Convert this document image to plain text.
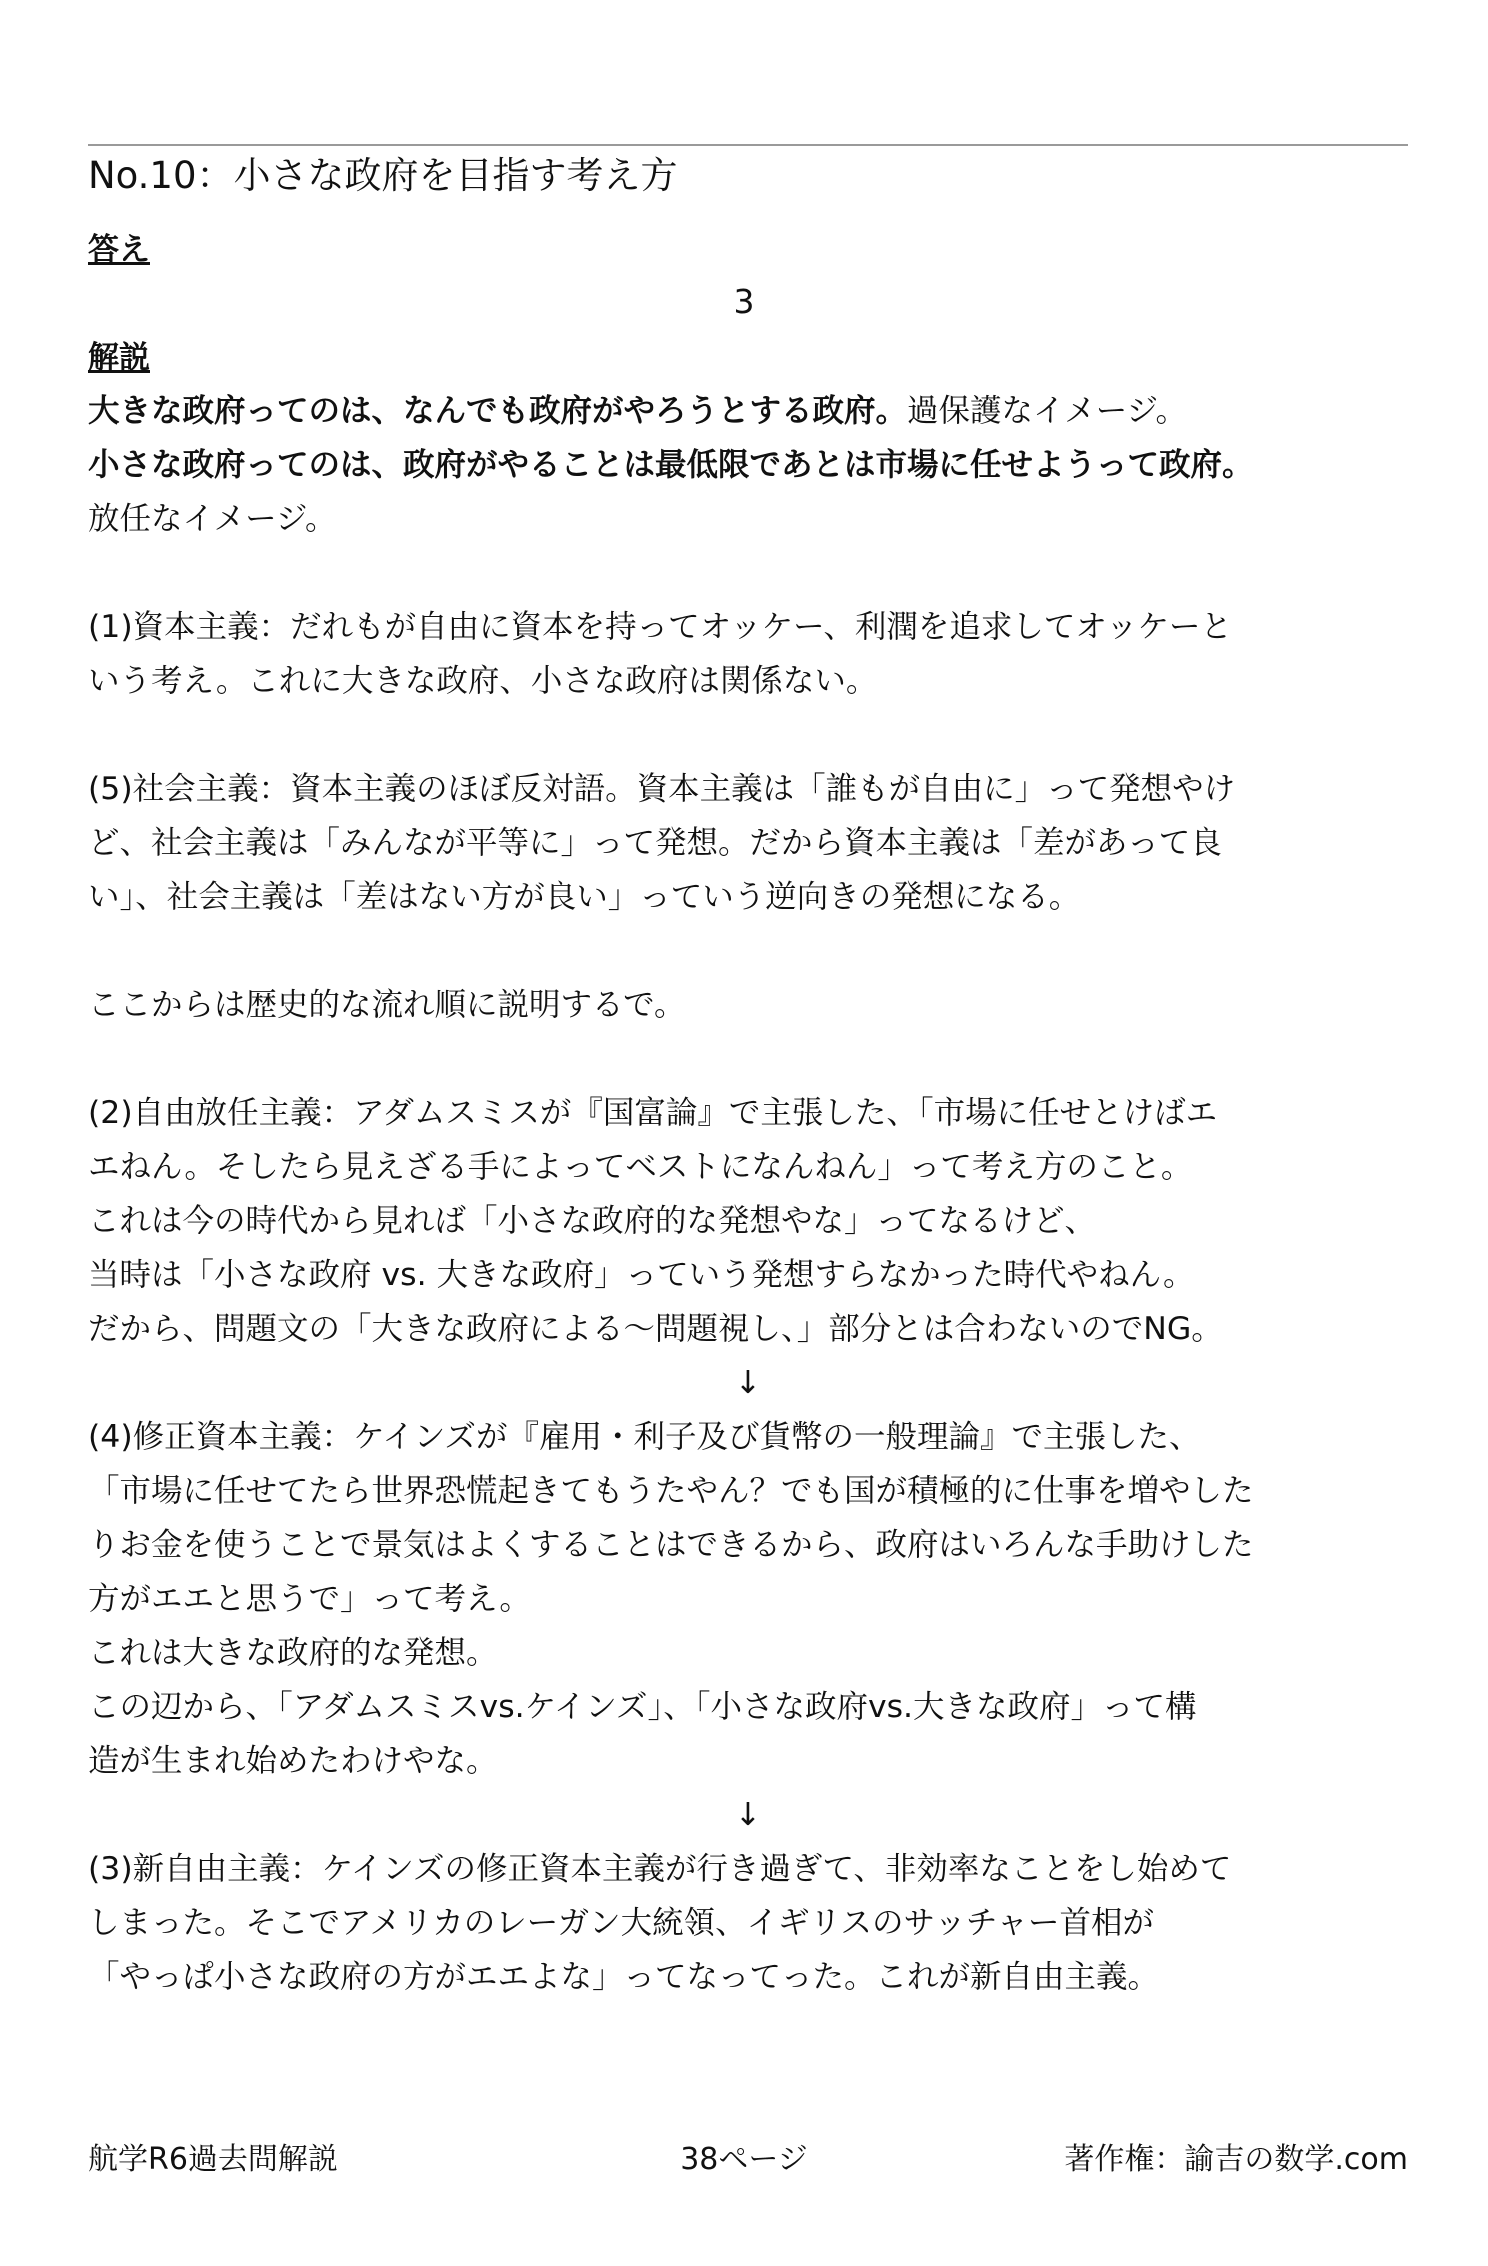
No.10：小さな政府を目指す考え方
答え
3
解説
大きな政府ってのは、なんでも政府がやろうとする政府。過保護なイメージ。
小さな政府ってのは、政府がやることは最低限であとは市場に任せようって政府。
放任なイメージ。
(1)資本主義：だれもが自由に資本を持ってオッケー、利潤を追求してオッケーと
いう考え。これに大きな政府、小さな政府は関係ない。
(5)社会主義：資本主義のほぼ反対語。資本主義は「誰もが自由に」って発想やけ
ど、社会主義は「みんなが平等に」って発想。だから資本主義は「差があって良
い」、社会主義は「差はない方が良い」っていう逆向きの発想になる。
ここからは歴史的な流れ順に説明するで。
(2)自由放任主義：アダムスミスが『国富論』で主張した、「市場に任せとけばエ
エねん。そしたら見えざる手によってベストになんねん」って考え方のこと。
これは今の時代から見れば「小さな政府的な発想やな」ってなるけど、
当時は「小さな政府 vs. 大きな政府」っていう発想すらなかった時代やねん。
だから、問題文の「大きな政府による〜問題視し、」部分とは合わないのでNG。
↓
(4)修正資本主義：ケインズが『雇用・利子及び貨幣の一般理論』で主張した、
「市場に任せてたら世界恐慌起きてもうたやん？でも国が積極的に仕事を増やした
りお金を使うことで景気はよくすることはできるから、政府はいろんな手助けした
方がエエと思うで」って考え。
これは大きな政府的な発想。
この辺から、「アダムスミスvs.ケインズ」、「小さな政府vs.大きな政府」って構
造が生まれ始めたわけやな。
↓
(3)新自由主義：ケインズの修正資本主義が行き過ぎて、非効率なことをし始めて
しまった。そこでアメリカのレーガン大統領、イギリスのサッチャー首相が
「やっぱ小さな政府の方がエエよな」ってなってった。これが新自由主義。
航学R6過去問解説	38ページ	著作権：諭吉の数学.com
